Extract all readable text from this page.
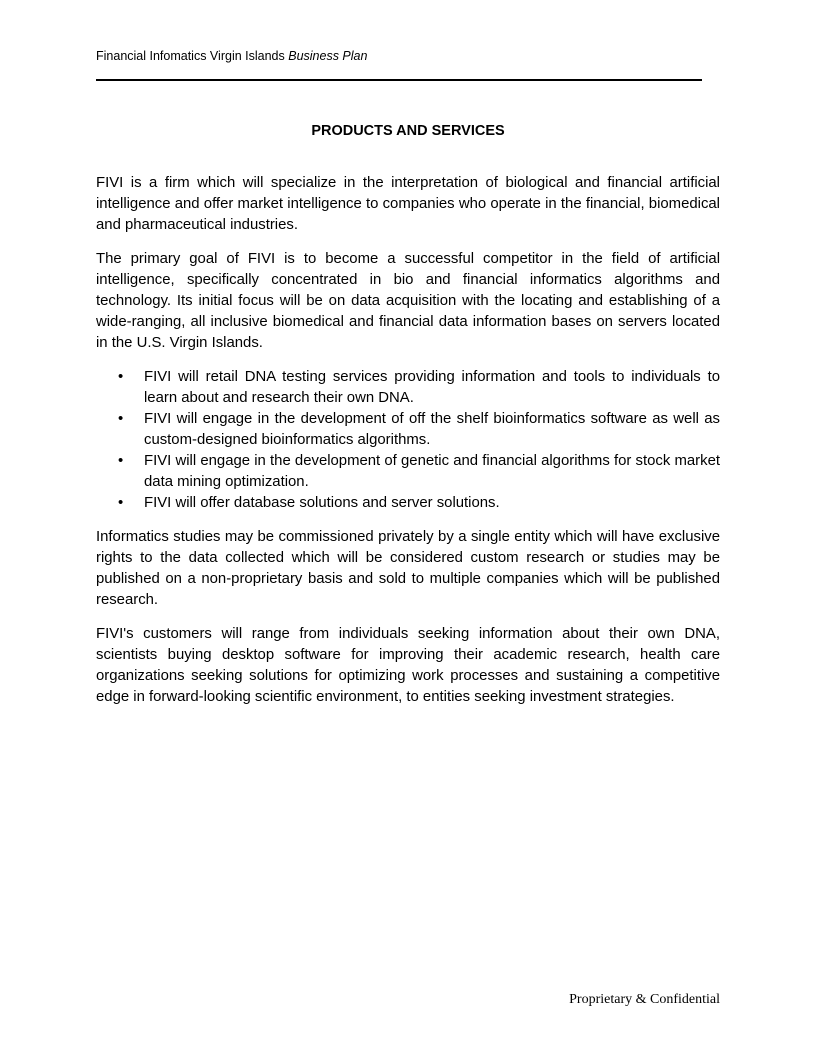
Financial Infomatics Virgin Islands Business Plan
PRODUCTS AND SERVICES

FIVI is a firm which will specialize in the interpretation of biological and financial artificial intelligence and offer market intelligence to companies who operate in the financial, biomedical and pharmaceutical industries.

The primary goal of FIVI is to become a successful competitor in the field of artificial intelligence, specifically concentrated in bio and financial informatics algorithms and technology. Its initial focus will be on data acquisition with the locating and establishing of a wide-ranging, all inclusive biomedical and financial data information bases on servers located in the U.S. Virgin Islands.

• FIVI will retail DNA testing services providing information and tools to individuals to learn about and research their own DNA.
• FIVI will engage in the development of off the shelf bioinformatics software as well as custom-designed bioinformatics algorithms.
• FIVI will engage in the development of genetic and financial algorithms for stock market data mining optimization.
• FIVI will offer database solutions and server solutions.

Informatics studies may be commissioned privately by a single entity which will have exclusive rights to the data collected which will be considered custom research or studies may be published on a non-proprietary basis and sold to multiple companies which will be published research.

FIVI's customers will range from individuals seeking information about their own DNA, scientists buying desktop software for improving their academic research, health care organizations seeking solutions for optimizing work processes and sustaining a competitive edge in forward-looking scientific environment, to entities seeking investment strategies.

Proprietary & Confidential
